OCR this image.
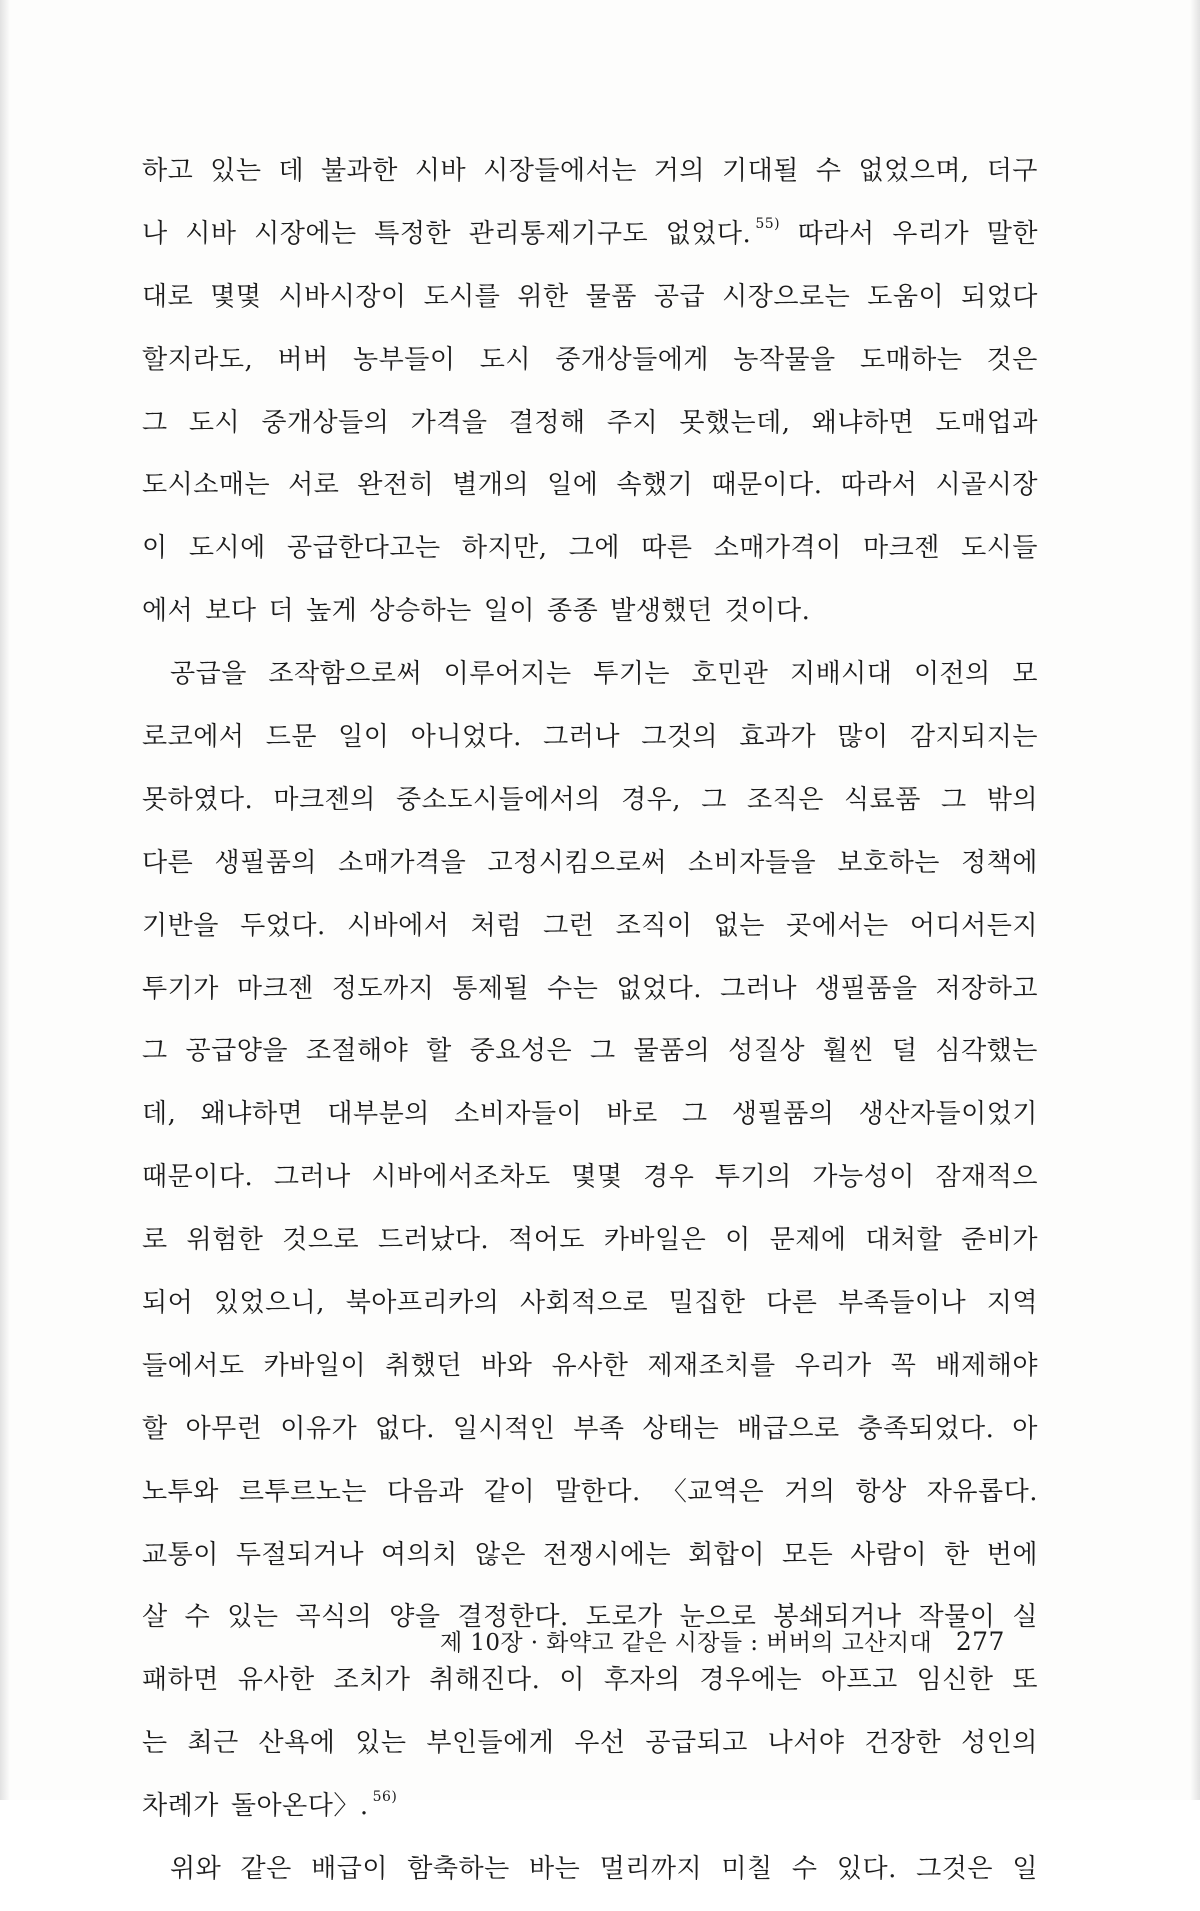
하고 있는 데 불과한 시바 시장들에서는 거의 기대될 수 없었으며, 더구
나 시바 시장에는 특정한 관리통제기구도 없었다. $^{55)}$ 따라서 우리가 말한
대로 몇몇 시바시장이 도시를 위한 물품 공급 시장으로는 도움이 되었다
할지라도, 버버 농부들이 도시 중개상들에게 농작물을 도매하는 것은
그 도시 중개상들의 가격을 결정해 주지 못했는데, 왜냐하면 도매업과
도시소매는 서로 완전히 별개의 일에 속했기 때문이다. 따라서 시골시장
이 도시에 공급한다고는 하지만, 그에 따른 소매가격이 마크젠 도시들
에서 보다 더 높게 상승하는 일이 종종 발생했던 것이다.
공급을 조작함으로써 이루어지는 투기는 호민관 지배시대 이전의 모
로코에서 드문 일이 아니었다. 그러나 그것의 효과가 많이 감지되지는
못하였다. 마크젠의 중소도시들에서의 경우, 그 조직은 식료품 그 밖의
다른 생필품의 소매가격을 고정시킴으로써 소비자들을 보호하는 정책에
기반을 두었다. 시바에서 처럼 그런 조직이 없는 곳에서는 어디서든지
투기가 마크젠 정도까지 통제될 수는 없었다. 그러나 생필품을 저장하고
그 공급양을 조절해야 할 중요성은 그 물품의 성질상 훨씬 덜 심각했는
데, 왜냐하면 대부분의 소비자들이 바로 그 생필품의 생산자들이었기
때문이다. 그러나 시바에서조차도 몇몇 경우 투기의 가능성이 잠재적으
로 위험한 것으로 드러났다. 적어도 카바일은 이 문제에 대처할 준비가
되어 있었으니, 북아프리카의 사회적으로 밀집한 다른 부족들이나 지역
들에서도 카바일이 취했던 바와 유사한 제재조치를 우리가 꼭 배제해야
할 아무런 이유가 없다. 일시적인 부족 상태는 배급으로 충족되었다. 아
노투와 르투르노는 다음과 같이 말한다. 〈교역은 거의 항상 자유롭다.
교통이 두절되거나 여의치 않은 전쟁시에는 회합이 모든 사람이 한 번에
살 수 있는 곡식의 양을 결정한다. 도로가 눈으로 봉쇄되거나 작물이 실
패하면 유사한 조치가 취해진다. 이 후자의 경우에는 아프고 임신한 또
는 최근 산욕에 있는 부인들에게 우선 공급되고 나서야 건장한 성인의
차례가 돌아온다〉. $^{56)}$
위와 같은 배급이 함축하는 바는 멀리까지 미칠 수 있다. 그것은 일
제 10장 · 화약고 같은 시장들 : 버버의 고산지대 277
